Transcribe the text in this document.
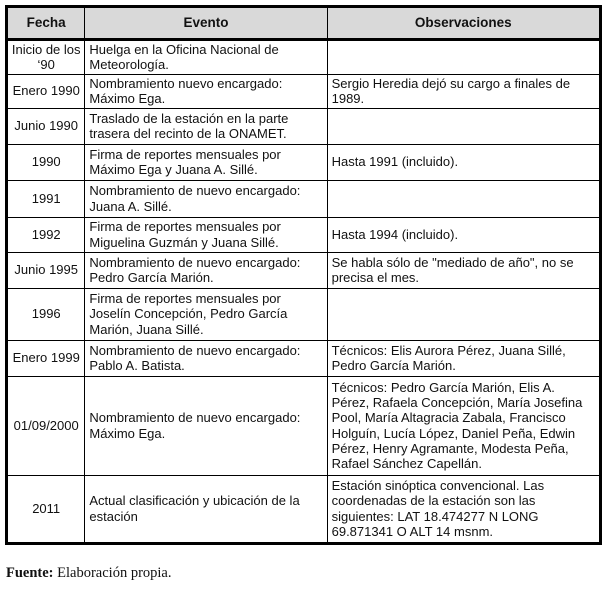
Fecha	Evento	Observaciones
Inicio de los ‘90	Huelga en la Oficina Nacional de Meteorología.	
Enero 1990	Nombramiento nuevo encargado: Máximo Ega.	Sergio Heredia dejó su cargo a finales de 1989.
Junio 1990	Traslado de la estación en la parte trasera del recinto de la ONAMET.	
1990	Firma de reportes mensuales por Máximo Ega y Juana A. Sillé.	Hasta 1991 (incluido).
1991	Nombramiento de nuevo encargado: Juana A. Sillé.	
1992	Firma de reportes mensuales por Miguelina Guzmán y Juana Sillé.	Hasta 1994 (incluido).
Junio 1995	Nombramiento de nuevo encargado: Pedro García Marión.	Se habla sólo de "mediado de año", no se precisa el mes.
1996	Firma de reportes mensuales por Joselín Concepción, Pedro García Marión, Juana Sillé.	
Enero 1999	Nombramiento de nuevo encargado: Pablo A. Batista.	Técnicos: Elis Aurora Pérez, Juana Sillé, Pedro García Marión.
01/09/2000	Nombramiento de nuevo encargado: Máximo Ega.	Técnicos: Pedro García Marión, Elis A. Pérez, Rafaela Concepción, María Josefina Pool, María Altagracia Zabala, Francisco Holguín, Lucía López, Daniel Peña, Edwin Pérez, Henry Agramante, Modesta Peña, Rafael Sánchez Capellán.
2011	Actual clasificación y ubicación de la estación	Estación sinóptica convencional. Las coordenadas de la estación son las siguientes: LAT 18.474277 N LONG 69.871341 O ALT 14 msnm.
Fuente: Elaboración propia.
